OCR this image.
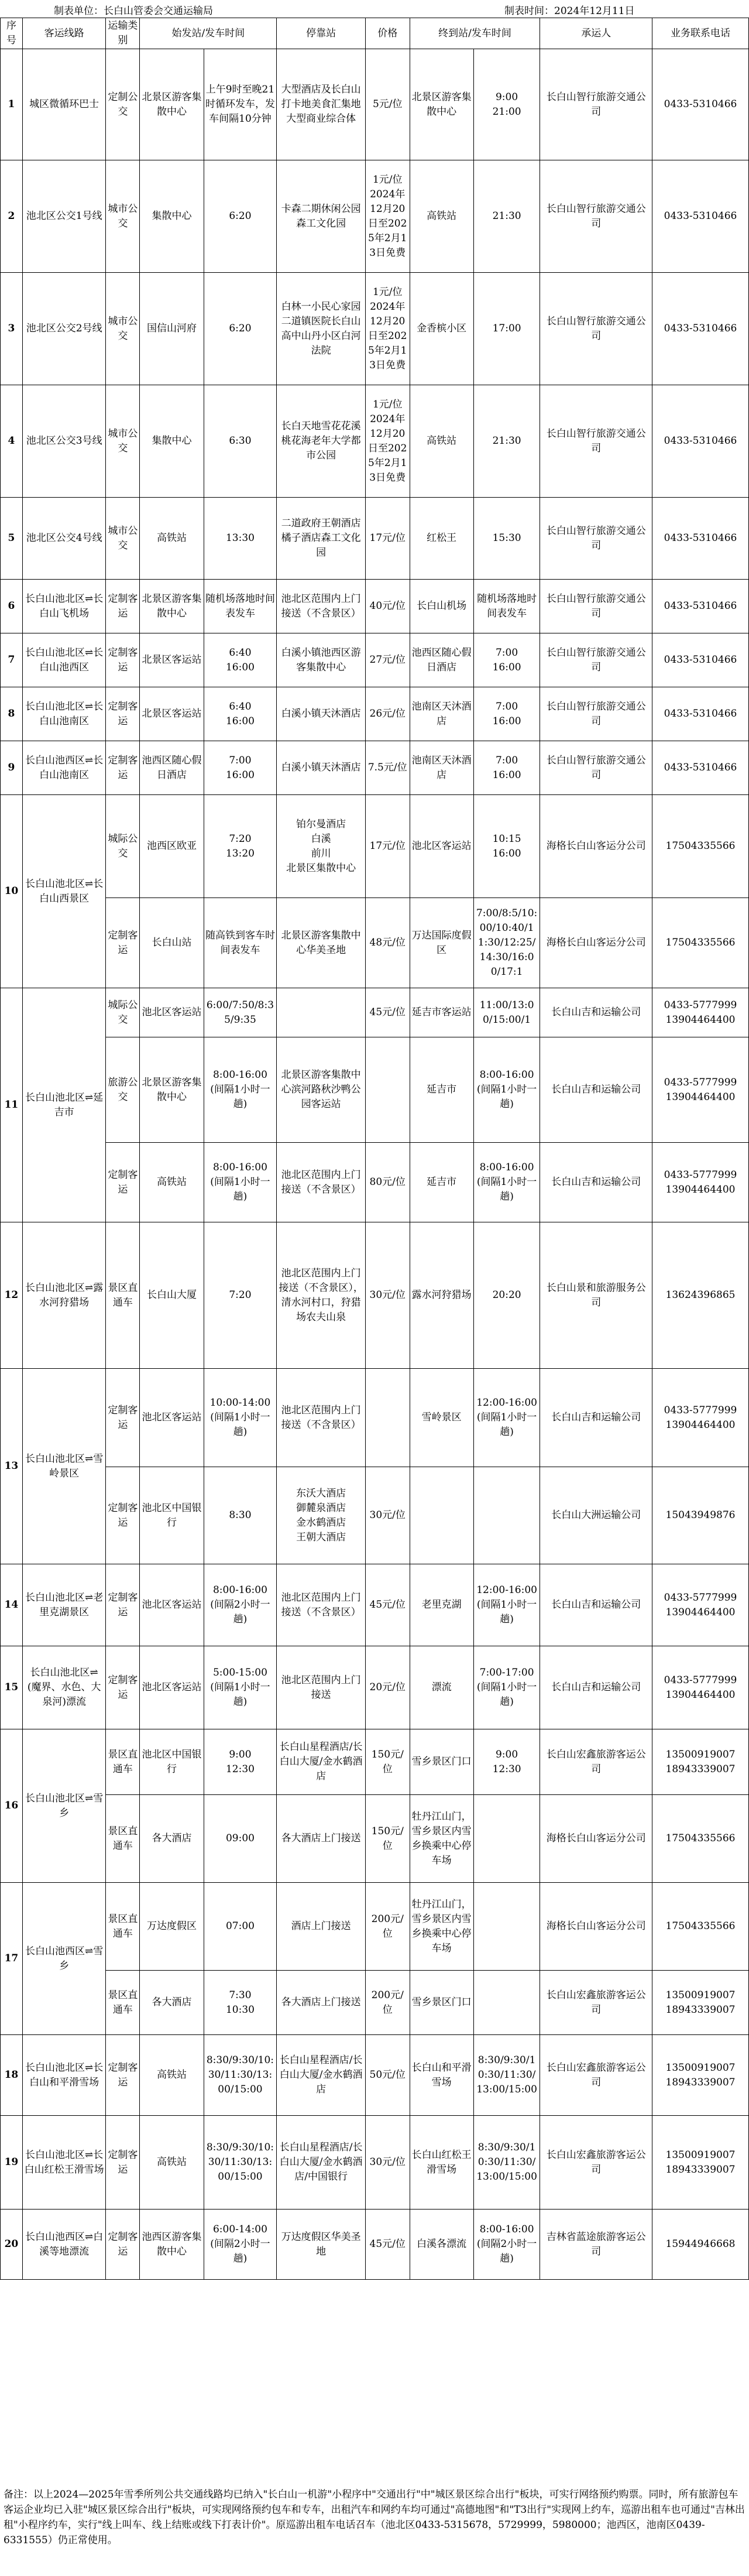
制表单位：长白山管委会交通运输局	制表时间：2024年12月11日
序号	客运线路	运输类别	始发站/发车时间		停靠站	价格	终到站/发车时间		承运人	业务联系电话
1	城区微循环巴士	定制公交	北景区游客集散中心	上午9时至晚21时循环发车，发车间隔10分钟	大型酒店及长白山打卡地美食汇集地大型商业综合体	5元/位	北景区游客集散中心	9:00
21:00	长白山智行旅游交通公司	0433-5310466
2	池北区公交1号线	城市公交	集散中心	6:20	卡森二期休闲公园森工文化园	1元/位
2024年12月20日至2025年2月13日免费	高铁站	21:30	长白山智行旅游交通公司	0433-5310466
3	池北区公交2号线	城市公交	国信山河府	6:20	白林一小民心家园二道镇医院长白山高中山丹小区白河法院	1元/位
2024年12月20日至2025年2月13日免费	金香槟小区	17:00	长白山智行旅游交通公司	0433-5310466
4	池北区公交3号线	城市公交	集散中心	6:30	长白天地雪花花溪桃花海老年大学都市公园	1元/位
2024年12月20日至2025年2月13日免费	高铁站	21:30	长白山智行旅游交通公司	0433-5310466
5	池北区公交4号线	城市公交	高铁站	13:30	二道政府王朝酒店橘子酒店森工文化园	17元/位	红松王	15:30	长白山智行旅游交通公司	0433-5310466
6	长白山池北区⇌长白山飞机场	定制客运	北景区游客集散中心	随机场落地时间表发车	池北区范围内上门接送（不含景区）	40元/位	长白山机场	随机场落地时间表发车	长白山智行旅游交通公司	0433-5310466
7	长白山池北区⇌长白山池西区	定制客运	北景区客运站	6:40
16:00	白溪小镇池西区游客集散中心	27元/位	池西区随心假日酒店	7:00
16:00	长白山智行旅游交通公司	0433-5310466
8	长白山池北区⇌长白山池南区	定制客运	北景区客运站	6:40
16:00	白溪小镇天沐酒店	26元/位	池南区天沐酒店	7:00
16:00	长白山智行旅游交通公司	0433-5310466
9	长白山池西区⇌长白山池南区	定制客运	池西区随心假日酒店	7:00
16:00	白溪小镇天沐酒店	7.5元/位	池南区天沐酒店	7:00
16:00	长白山智行旅游交通公司	0433-5310466
10	长白山池北区⇌长白山西景区	城际公交	池西区欧亚	7:20
13:20	铂尔曼酒店
白溪
前川
北景区集散中心	17元/位	池北区客运站	10:15
16:00	海格长白山客运分公司	17504335566
		定制客运	长白山站	随高铁到客车时间表发车	北景区游客集散中心华美圣地	48元/位	万达国际度假区	7:00/8:5/10:00/10:40/11:30/12:25/14:30/16:00/17:1	海格长白山客运分公司	17504335566
11	长白山池北区⇌延吉市	城际公交	池北区客运站	6:00/7:50/8:35/9:35		45元/位	延吉市客运站	11:00/13:00/15:00/1	长白山吉和运输公司	0433-5777999
13904464400
		旅游公交	北景区游客集散中心	8:00-16:00
(间隔1小时一趟)	北景区游客集散中心滨河路秋沙鸭公园客运站		延吉市	8:00-16:00
(间隔1小时一趟)	长白山吉和运输公司	0433-5777999
13904464400
		定制客运	高铁站	8:00-16:00
(间隔1小时一趟)	池北区范围内上门接送（不含景区）	80元/位	延吉市	8:00-16:00
(间隔1小时一趟)	长白山吉和运输公司	0433-5777999
13904464400
12	长白山池北区⇌露水河狩猎场	景区直通车	长白山大厦	7:20	池北区范围内上门接送（不含景区），清水河村口，狩猎场农夫山泉	30元/位	露水河狩猎场	20:20	长白山景和旅游服务公司	13624396865
13	长白山池北区⇌雪岭景区	定制客运	池北区客运站	10:00-14:00
(间隔1小时一趟)	池北区范围内上门接送（不含景区）		雪岭景区	12:00-16:00
(间隔1小时一趟)	长白山吉和运输公司	0433-5777999
13904464400
		定制客运	池北区中国银行	8:30	东沃大酒店
御麓泉酒店
金水鹤酒店
王朝大酒店	30元/位			长白山大洲运输公司	15043949876
14	长白山池北区⇌老里克湖景区	定制客运	池北区客运站	8:00-16:00
(间隔2小时一趟)	池北区范围内上门接送（不含景区）	45元/位	老里克湖	12:00-16:00
(间隔1小时一趟)	长白山吉和运输公司	0433-5777999
13904464400
15	长白山池北区⇌(魔界、水色、大泉河)漂流	定制客运	池北区客运站	5:00-15:00
(间隔1小时一趟)	池北区范围内上门接送	20元/位	漂流	7:00-17:00
(间隔1小时一趟)	长白山吉和运输公司	0433-5777999
13904464400
16	长白山池北区⇌雪乡	景区直通车	池北区中国银行	9:00
12:30	长白山星程酒店/长白山大厦/金水鹤酒店	150元/位	雪乡景区门口	9:00
12:30	长白山宏鑫旅游客运公司	13500919007
18943339007
		景区直通车	各大酒店	09:00	各大酒店上门接送	150元/位	牡丹江山门，雪乡景区内雪乡换乘中心停车场		海格长白山客运分公司	17504335566
17	长白山池西区⇌雪乡	景区直通车	万达度假区	07:00	酒店上门接送	200元/位	牡丹江山门，雪乡景区内雪乡换乘中心停车场		海格长白山客运分公司	17504335566
		景区直通车	各大酒店	7:30
10:30	各大酒店上门接送	200元/位	雪乡景区门口		长白山宏鑫旅游客运公司	13500919007
18943339007
18	长白山池北区⇌长白山和平滑雪场	定制客运	高铁站	8:30/9:30/10:30/11:30/13:00/15:00	长白山星程酒店/长白山大厦/金水鹤酒店	50元/位	长白山和平滑雪场	8:30/9:30/10:30/11:30/13:00/15:00	长白山宏鑫旅游客运公司	13500919007
18943339007
19	长白山池北区⇌长白山红松王滑雪场	定制客运	高铁站	8:30/9:30/10:30/11:30/13:00/15:00	长白山星程酒店/长白山大厦/金水鹤酒店/中国银行	30元/位	长白山红松王滑雪场	8:30/9:30/10:30/11:30/13:00/15:00	长白山宏鑫旅游客运公司	13500919007
18943339007
20	长白山池西区⇌白溪等地漂流	定制客运	池西区游客集散中心	6:00-14:00
(间隔2小时一趟)	万达度假区华美圣地	45元/位	白溪各漂流	8:00-16:00
(间隔2小时一趟)	吉林省蓝途旅游客运公司	15944946668
备注：以上2024—2025年雪季所列公共交通线路均已纳入"长白山一机游"小程序中"交通出行"中"城区景区综合出行"板块，可实行网络预约购票。同时，所有旅游包车客运企业均已入驻"城区景区综合出行"板块，可实现网络预约包车和专车，出租汽车和网约车均可通过"高德地图"和"T3出行"实现网上约车，巡游出租车也可通过"吉林出租"小程序约车，实行"线上叫车、线上结账或线下打表计价"。原巡游出租车电话召车（池北区0433-5315678，5729999，5980000；池西区，池南区0439-6331555）仍正常使用。
